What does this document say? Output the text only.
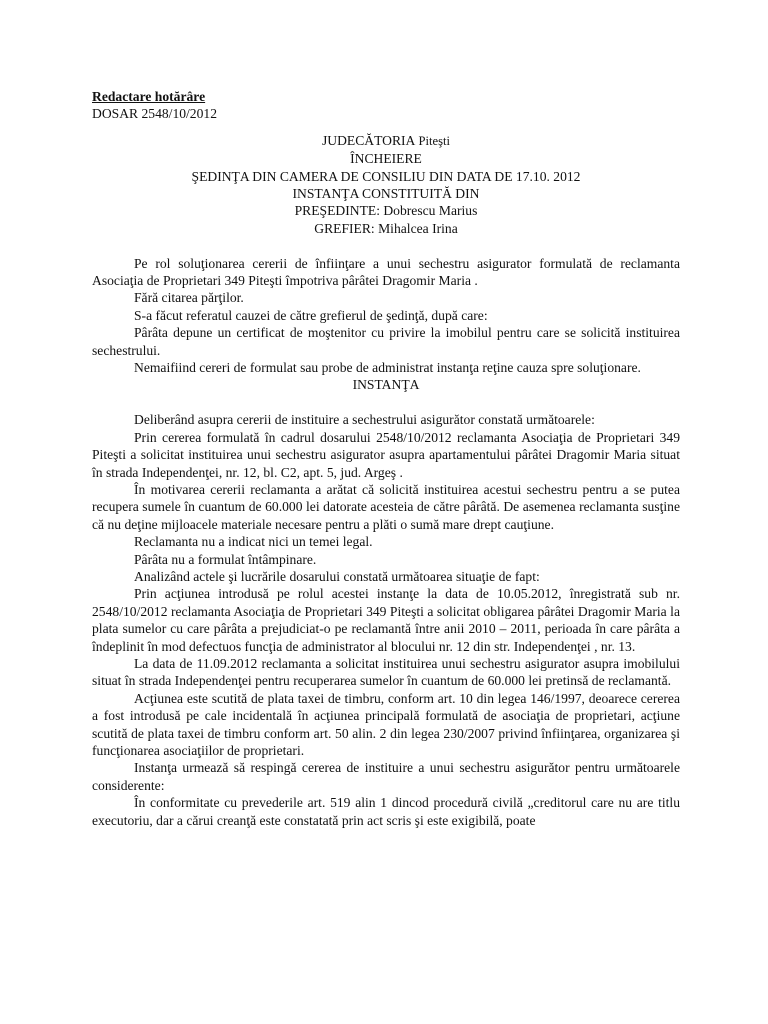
Redactare hotărâre

DOSAR 2548/10/2012

JUDECĂTORIA Piteşti

ÎNCHEIERE

ŞEDINŢA DIN CAMERA DE CONSILIU DIN DATA DE 17.10. 2012

INSTANŢA CONSTITUITĂ DIN

PREŞEDINTE: Dobrescu Marius

GREFIER: Mihalcea Irina

Pe rol soluţionarea cererii de înfiinţare a unui sechestru asigurator formulată de reclamanta Asociaţia de Proprietari 349 Piteşti împotriva pârâtei Dragomir Maria .

Fără citarea părţilor.

S-a făcut referatul cauzei de către grefierul de şedinţă, după care:

Pârâta depune un certificat de moştenitor cu privire la imobilul pentru care se solicită instituirea sechestrului.

Nemaifiind cereri de formulat sau probe de administrat instanţa reţine cauza spre soluţionare.

INSTANŢA

Deliberând asupra cererii de instituire a sechestrului asigurător constată următoarele:

Prin cererea formulată în cadrul dosarului 2548/10/2012 reclamanta Asociaţia de Proprietari 349 Piteşti a solicitat instituirea unui sechestru asigurator asupra apartamentului pârâtei Dragomir Maria situat în strada Independenţei, nr. 12, bl. C2, apt. 5, jud. Argeş .

În motivarea cererii reclamanta a arătat că solicită instituirea acestui sechestru pentru a se putea recupera sumele în cuantum de 60.000 lei datorate acesteia de către pârâtă. De asemenea reclamanta susţine că nu deţine mijloacele materiale necesare pentru a plăti o sumă mare drept cauţiune.

Reclamanta nu a indicat nici un temei legal.

Pârâta nu a formulat întâmpinare.

Analizând actele şi lucrările dosarului constată următoarea situaţie de fapt:

Prin acţiunea introdusă pe rolul acestei instanţe la data de 10.05.2012, înregistrată sub nr. 2548/10/2012 reclamanta Asociaţia de Proprietari 349 Piteşti a solicitat obligarea pârâtei Dragomir Maria la plata sumelor cu care pârâta a prejudiciat-o pe reclamantă între anii 2010 – 2011, perioada în care pârâta a îndeplinit în mod defectuos funcţia de administrator al blocului nr. 12 din str. Independenţei , nr. 13.

La data de 11.09.2012 reclamanta a solicitat instituirea unui sechestru asigurator asupra imobilului situat în strada Independenţei pentru recuperarea sumelor în cuantum de 60.000 lei pretinsă de reclamantă.

Acţiunea este scutită de plata taxei de timbru, conform art. 10 din legea 146/1997, deoarece cererea a fost introdusă pe cale incidentală în acţiunea principală formulată de asociaţia de proprietari, acţiune scutită de plata taxei de timbru conform art. 50 alin. 2 din legea 230/2007 privind înfiinţarea, organizarea şi funcţionarea asociaţiilor de proprietari.

Instanţa urmează să respingă cererea de instituire a unui sechestru asigurător pentru următoarele considerente:

În conformitate cu prevederile art. 519 alin 1 dincod procedură civilă „creditorul care nu are titlu executoriu, dar a cărui creanţă este constatată prin act scris şi este exigibilă, poate
